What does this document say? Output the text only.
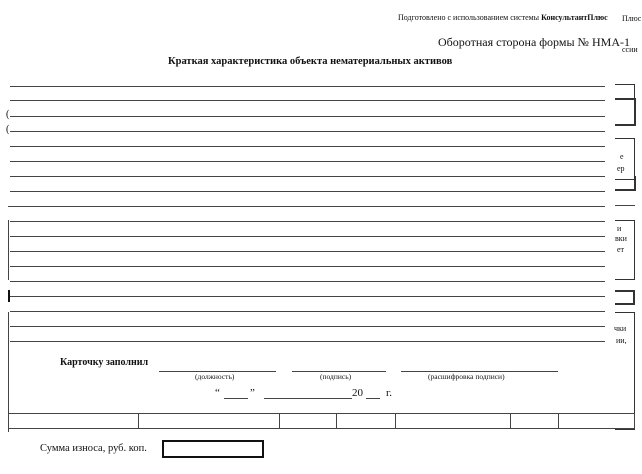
Подготовлено с использованием системы КонсультантПлюс
Оборотная сторона формы № НМА-1
Краткая характеристика объекта нематериальных активов
(
(
Плюс
ссии
е
ер
и
вки
ет
чки
ии,
Карточку заполнил
(должность)	(подпись)	(расшифровка подписи)
“	”	20 г.
Сумма износа, руб. коп.
